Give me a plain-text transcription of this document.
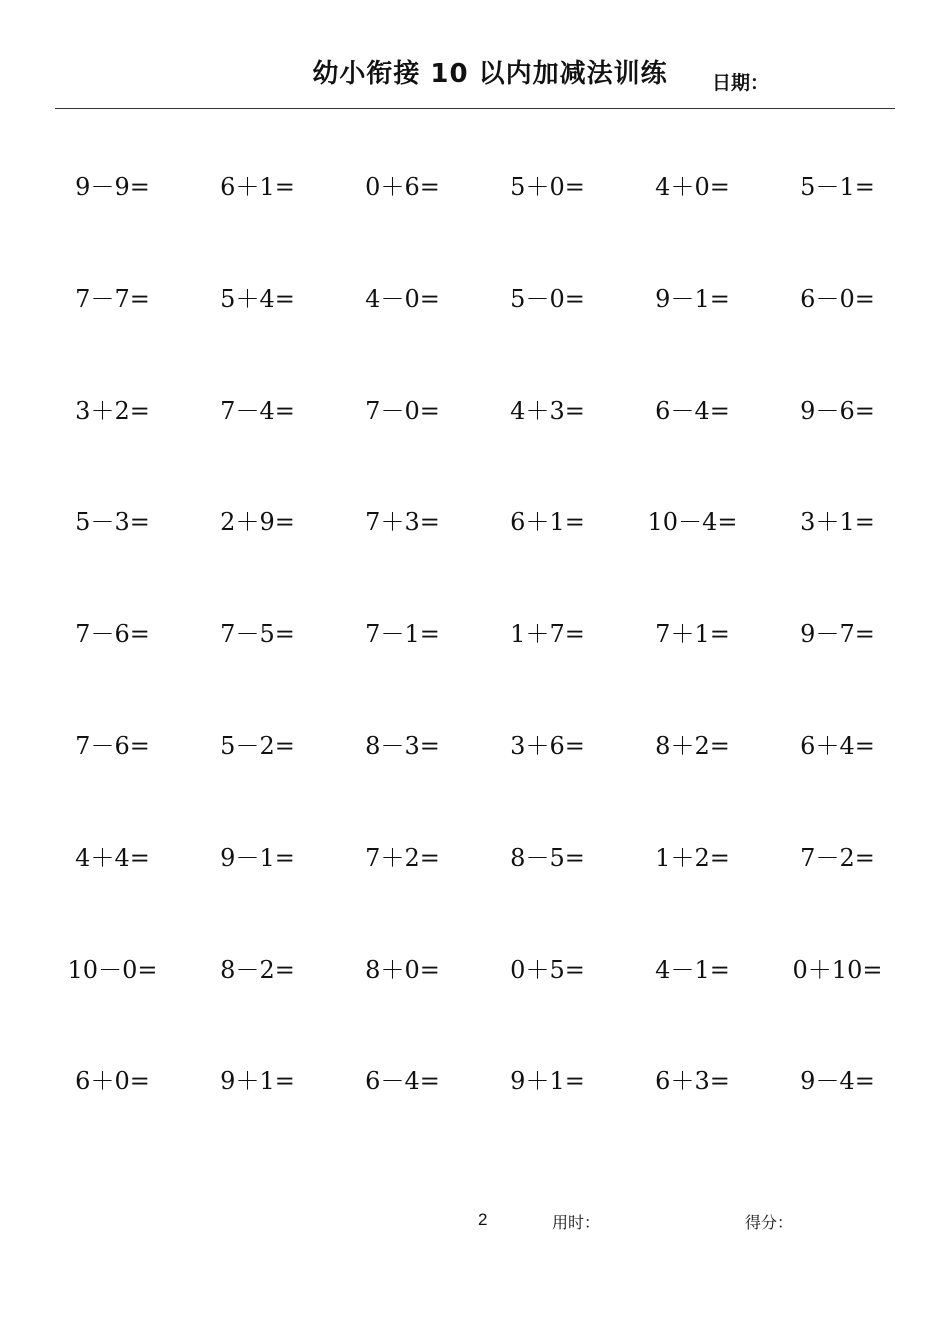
幼小衔接 10 以内加减法训练	日期：
9－9=	6＋1=	0＋6=	5＋0=	4＋0=	5－1=
7－7=	5＋4=	4－0=	5－0=	9－1=	6－0=
3＋2=	7－4=	7－0=	4＋3=	6－4=	9－6=
5－3=	2＋9=	7＋3=	6＋1=	10－4=	3＋1=
7－6=	7－5=	7－1=	1＋7=	7＋1=	9－7=
7－6=	5－2=	8－3=	3＋6=	8＋2=	6＋4=
4＋4=	9－1=	7＋2=	8－5=	1＋2=	7－2=
10－0=	8－2=	8＋0=	0＋5=	4－1=	0＋10=
6＋0=	9＋1=	6－4=	9＋1=	6＋3=	9－4=
2	用时：	得分：
